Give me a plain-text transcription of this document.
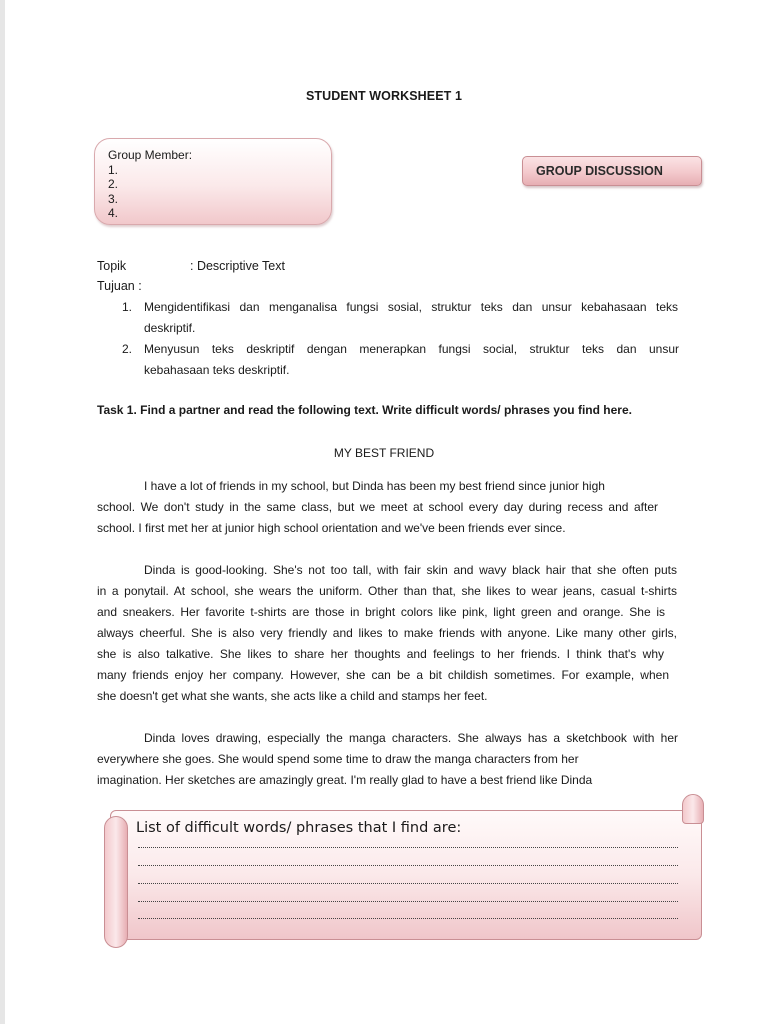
STUDENT WORKSHEET 1
Group Member:
1.
2.
3.
4.
GROUP DISCUSSION
Topik	: Descriptive Text
Tujuan :
1. Mengidentifikasi dan menganalisa fungsi sosial, struktur teks dan unsur kebahasaan teks
deskriptif.
2. Menyusun teks deskriptif dengan menerapkan fungsi social, struktur teks dan unsur
kebahasaan teks deskriptif.
Task 1. Find a partner and read the following text. Write difficult words/ phrases you find here.
MY BEST FRIEND
I have a lot of friends in my school, but Dinda has been my best friend since junior high
school. We don't study in the same class, but we meet at school every day during recess and after
school. I first met her at junior high school orientation and we've been friends ever since.
Dinda is good-looking. She's not too tall, with fair skin and wavy black hair that she often puts
in a ponytail. At school, she wears the uniform. Other than that, she likes to wear jeans, casual t-shirts
and sneakers. Her favorite t-shirts are those in bright colors like pink, light green and orange. She is
always cheerful. She is also very friendly and likes to make friends with anyone. Like many other girls,
she is also talkative. She likes to share her thoughts and feelings to her friends. I think that's why
many friends enjoy her company. However, she can be a bit childish sometimes. For example, when
she doesn't get what she wants, she acts like a child and stamps her feet.
Dinda loves drawing, especially the manga characters. She always has a sketchbook with her
everywhere she goes. She would spend some time to draw the manga characters from her
imagination. Her sketches are amazingly great. I'm really glad to have a best friend like Dinda
List of difficult words/ phrases that I find are:
